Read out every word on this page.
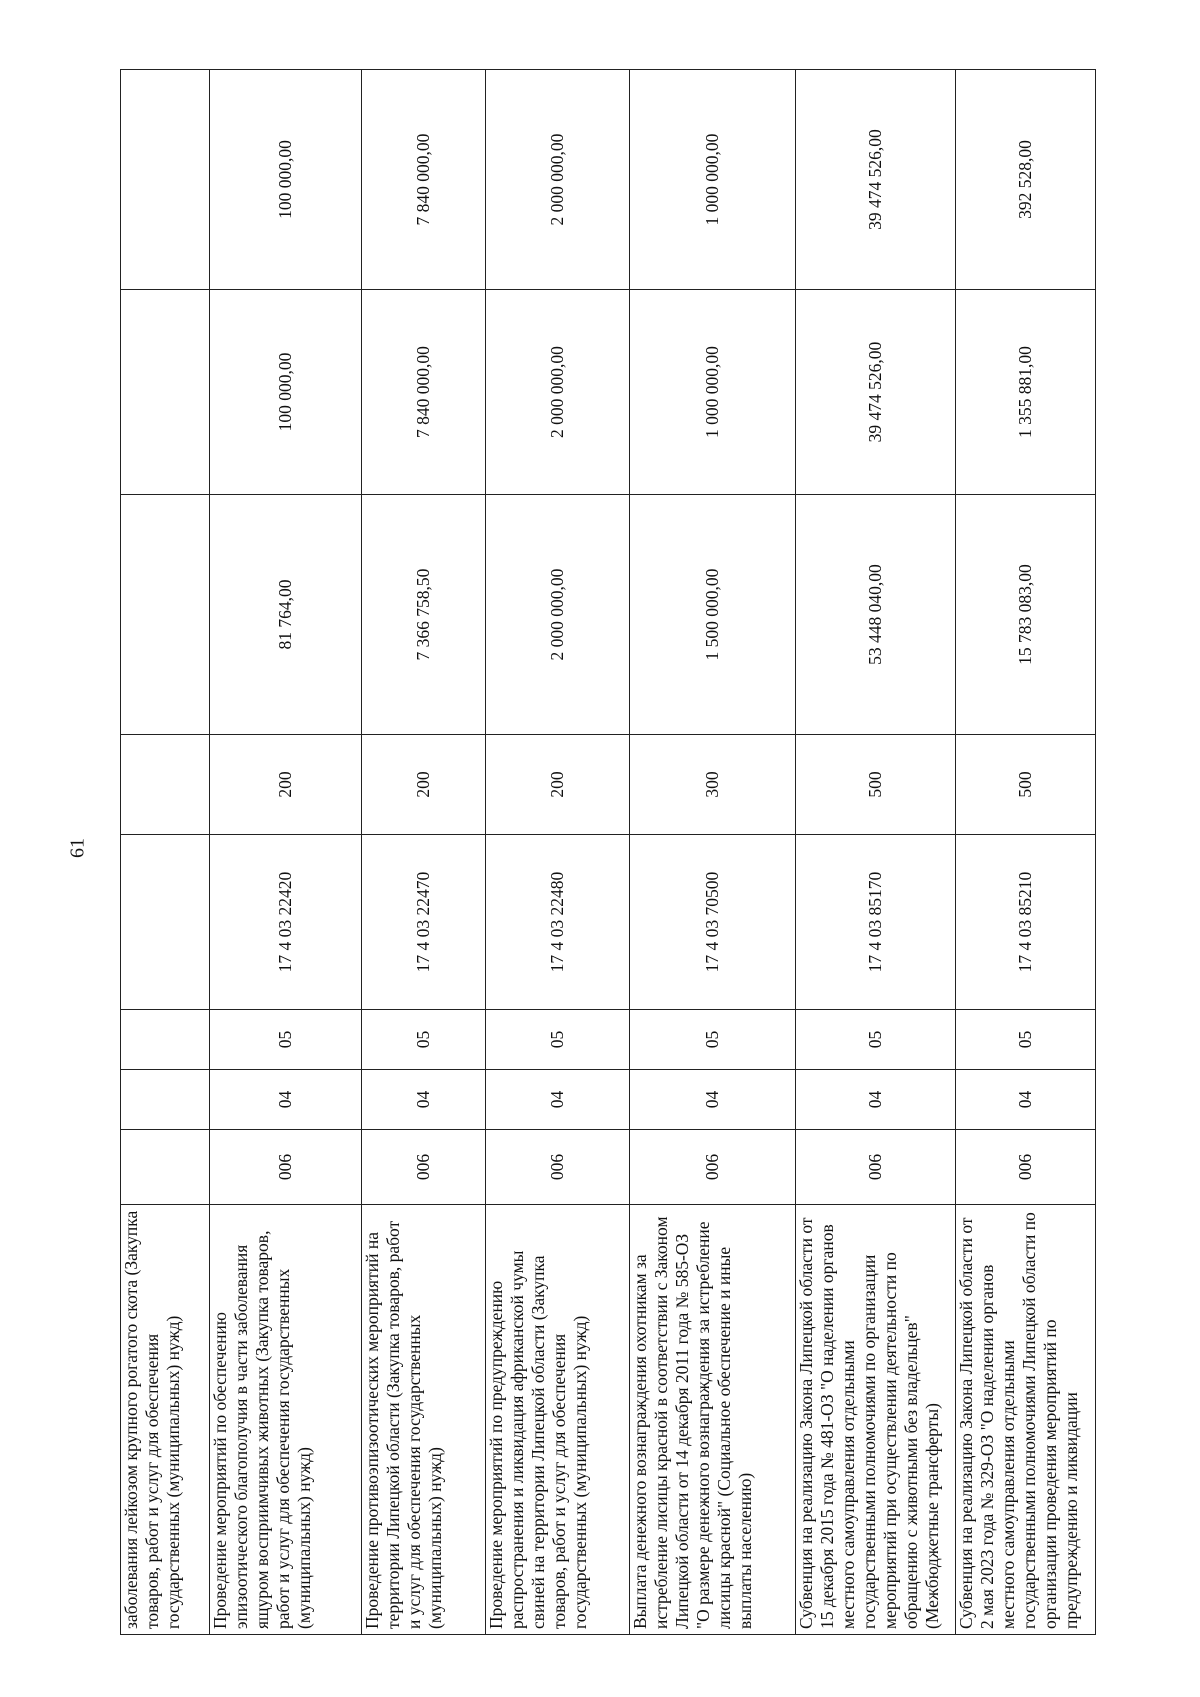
61
заболевания лейкозом крупного рогатого скота (Закупка товаров, работ и услуг для обеспечения государственных (муниципальных) нужд)								
Проведение мероприятий по обеспечению эпизоотического благополучия в части заболевания ящуром восприимчивых животных (Закупка товаров, работ и услуг для обеспечения государственных (муниципальных) нужд)	006	04	05	17 4 03 22420	200	81 764,00	100 000,00	100 000,00
Проведение противоэпизоотических мероприятий на территории Липецкой области (Закупка товаров, работ и услуг для обеспечения государственных (муниципальных) нужд)	006	04	05	17 4 03 22470	200	7 366 758,50	7 840 000,00	7 840 000,00
Проведение мероприятий по предупреждению распространения и ликвидация африканской чумы свиней на территории Липецкой области (Закупка товаров, работ и услуг для обеспечения государственных (муниципальных) нужд)	006	04	05	17 4 03 22480	200	2 000 000,00	2 000 000,00	2 000 000,00
Выплата денежного вознаграждения охотникам за истребление лисицы красной в соответствии с Законом Липецкой области от 14 декабря 2011 года № 585-ОЗ "О размере денежного вознаграждения за истребление лисицы красной" (Социальное обеспечение и иные выплаты населению)	006	04	05	17 4 03 70500	300	1 500 000,00	1 000 000,00	1 000 000,00
Субвенция на реализацию Закона Липецкой области от 15 декабря 2015 года № 481-ОЗ "О наделении органов местного самоуправления отдельными государственными полномочиями по организации мероприятий при осуществлении деятельности по обращению с животными без владельцев" (Межбюджетные трансферты)	006	04	05	17 4 03 85170	500	53 448 040,00	39 474 526,00	39 474 526,00
Субвенция на реализацию Закона Липецкой области от 2 мая 2023 года № 329-ОЗ "О наделении органов местного самоуправления отдельными государственными полномочиями Липецкой области по организации проведения мероприятий по предупреждению и ликвидации	006	04	05	17 4 03 85210	500	15 783 083,00	1 355 881,00	392 528,00
